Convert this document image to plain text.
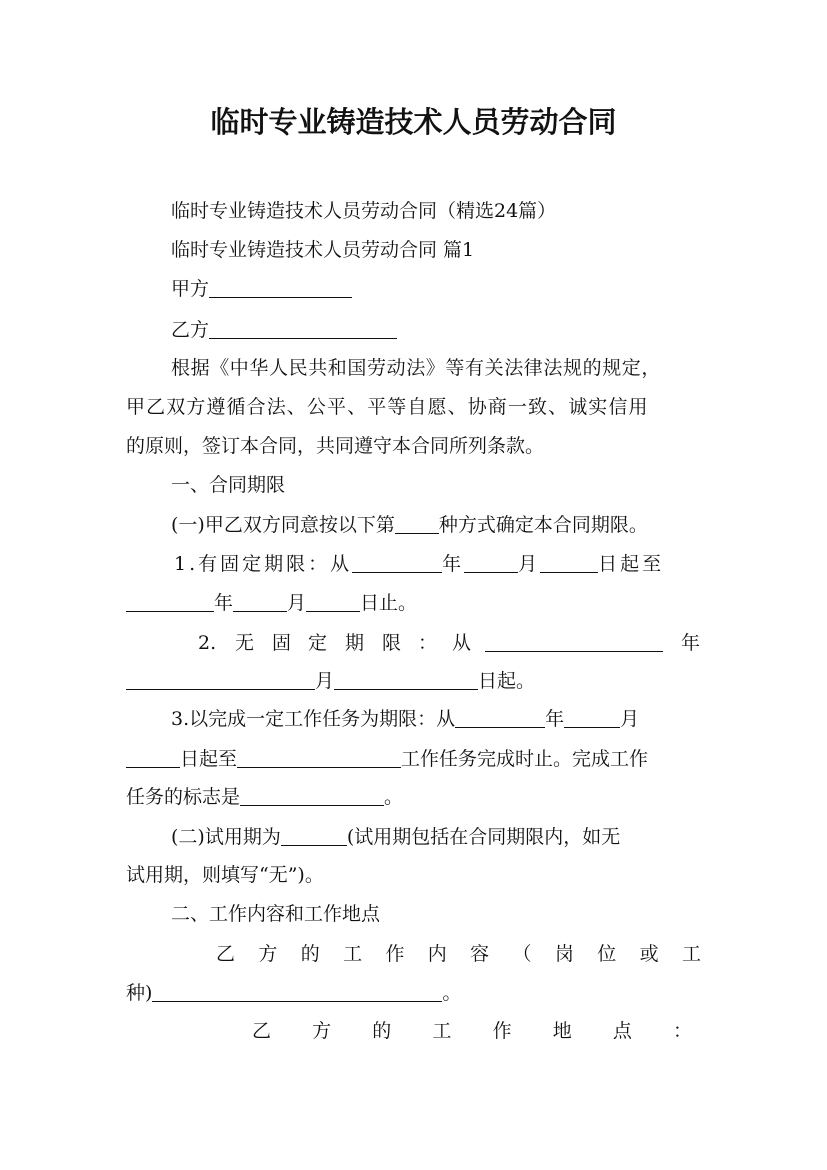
临时专业铸造技术人员劳动合同
临时专业铸造技术人员劳动合同（精选24篇）
临时专业铸造技术人员劳动合同 篇1
甲方
乙方
根据《中华人民共和国劳动法》等有关法律法规的规定，
甲乙双方遵循合法、公平、平等自愿、协商一致、诚实信用
的原则，签订本合同，共同遵守本合同所列条款。
一、合同期限
(一)甲乙双方同意按以下第 种方式确定本合同期限。
1.有固定期限：从	年	月	日起至
年	月	日止。
2. 无 固 定 期 限 ： 从	年
月	日起。
3.以完成一定工作任务为期限：从	年	月
日起至	工作任务完成时止。完成工作
任务的标志是	。
(二)试用期为	(试用期包括在合同期限内，如无
试用期，则填写“无”)。
二、工作内容和工作地点
乙 方 的 工 作 内 容 （ 岗 位 或 工
种)	。
乙 方 的 工 作 地 点 ：
